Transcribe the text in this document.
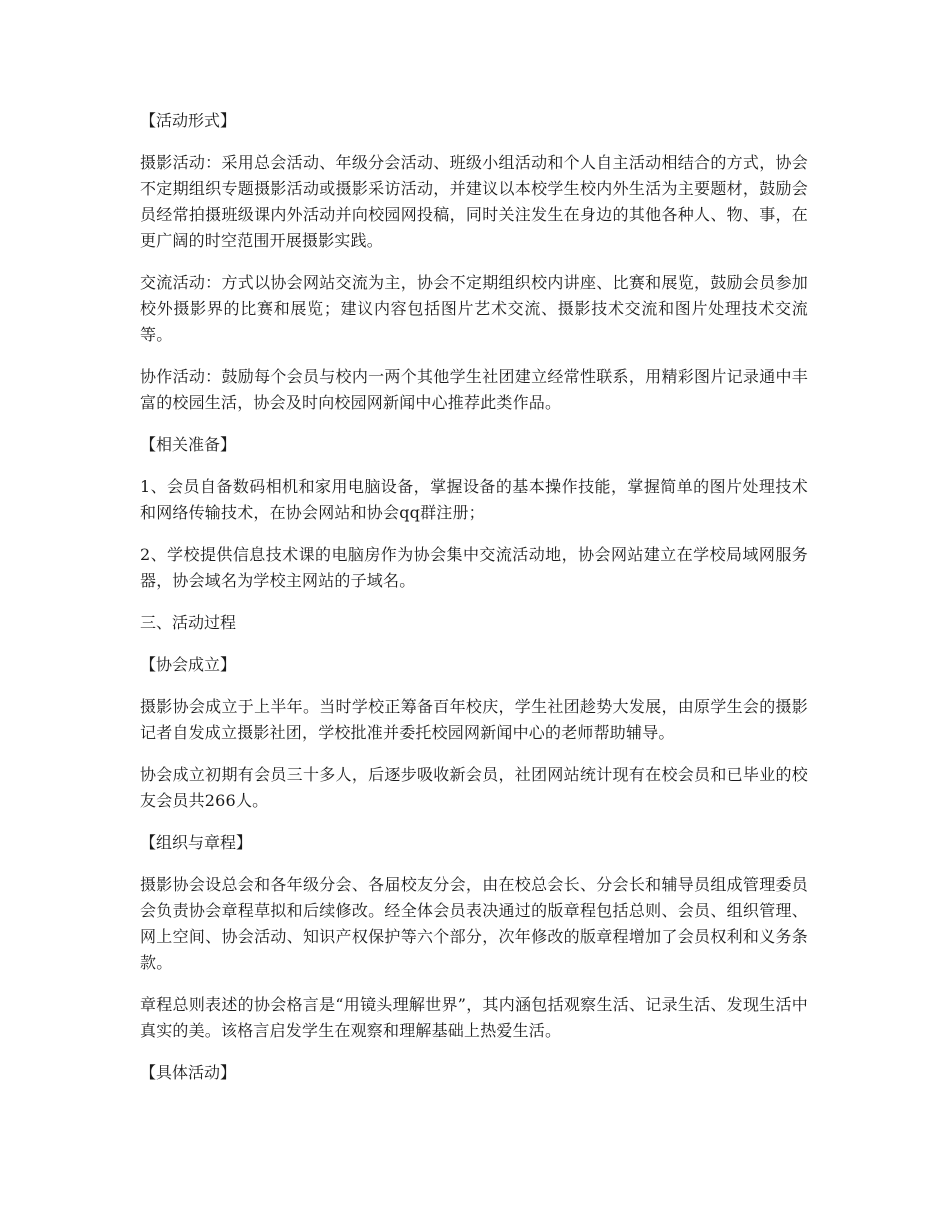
【活动形式】

摄影活动：采用总会活动、年级分会活动、班级小组活动和个人自主活动相结合的方式，协会不定期组织专题摄影活动或摄影采访活动，并建议以本校学生校内外生活为主要题材，鼓励会员经常拍摄班级课内外活动并向校园网投稿，同时关注发生在身边的其他各种人、物、事，在更广阔的时空范围开展摄影实践。

交流活动：方式以协会网站交流为主，协会不定期组织校内讲座、比赛和展览，鼓励会员参加校外摄影界的比赛和展览；建议内容包括图片艺术交流、摄影技术交流和图片处理技术交流等。

协作活动：鼓励每个会员与校内一两个其他学生社团建立经常性联系，用精彩图片记录通中丰富的校园生活，协会及时向校园网新闻中心推荐此类作品。

【相关准备】

1、会员自备数码相机和家用电脑设备，掌握设备的基本操作技能，掌握简单的图片处理技术和网络传输技术，在协会网站和协会qq群注册；

2、学校提供信息技术课的电脑房作为协会集中交流活动地，协会网站建立在学校局域网服务器，协会域名为学校主网站的子域名。

三、活动过程

【协会成立】

摄影协会成立于上半年。当时学校正筹备百年校庆，学生社团趁势大发展，由原学生会的摄影记者自发成立摄影社团，学校批准并委托校园网新闻中心的老师帮助辅导。

协会成立初期有会员三十多人，后逐步吸收新会员，社团网站统计现有在校会员和已毕业的校友会员共266人。

【组织与章程】

摄影协会设总会和各年级分会、各届校友分会，由在校总会长、分会长和辅导员组成管理委员会负责协会章程草拟和后续修改。经全体会员表决通过的版章程包括总则、会员、组织管理、网上空间、协会活动、知识产权保护等六个部分，次年修改的版章程增加了会员权利和义务条款。

章程总则表述的协会格言是“用镜头理解世界”，其内涵包括观察生活、记录生活、发现生活中真实的美。该格言启发学生在观察和理解基础上热爱生活。

【具体活动】
